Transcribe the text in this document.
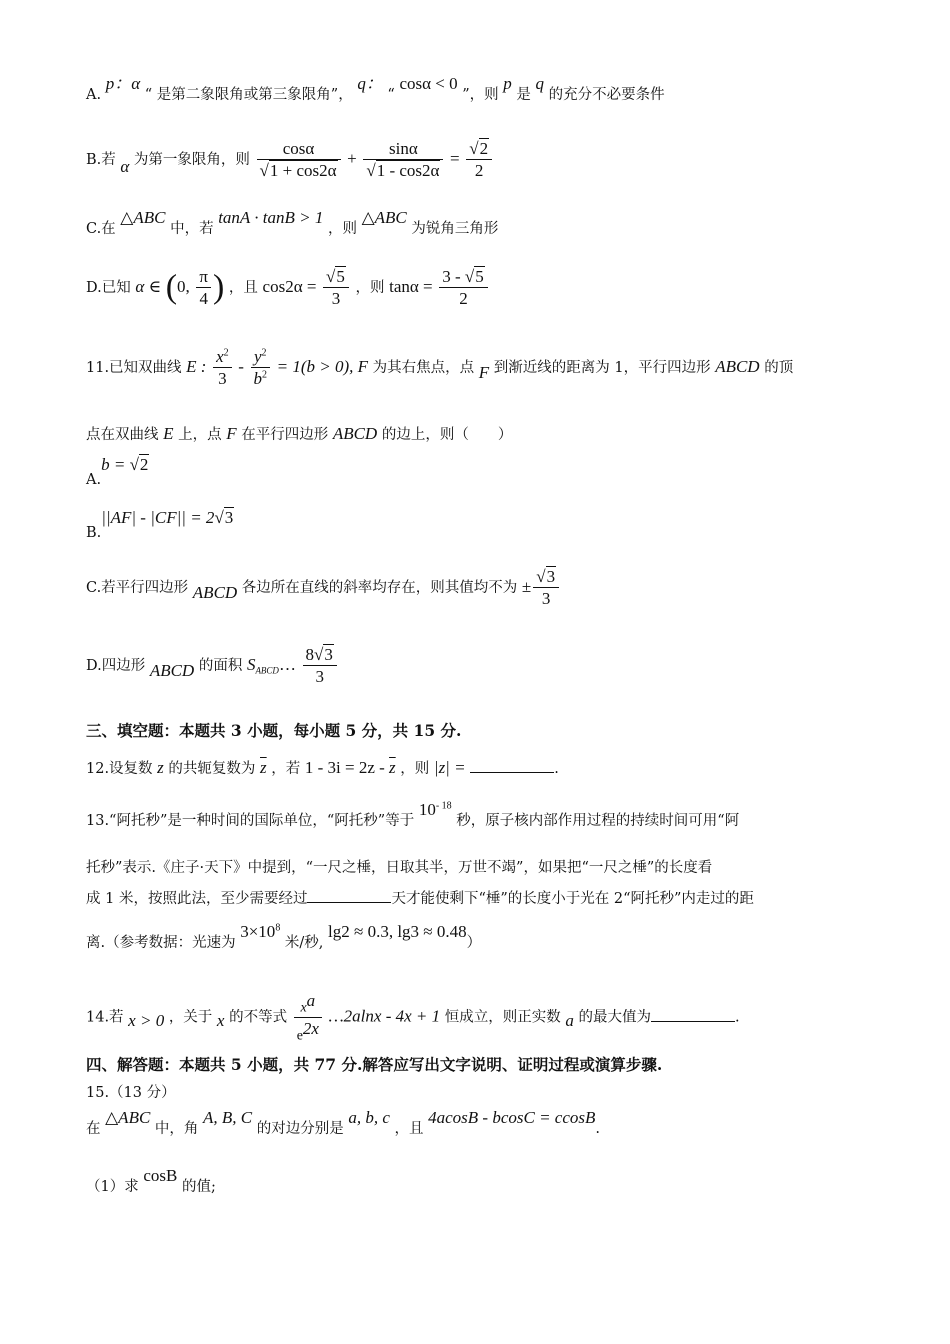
A. p：α “ 是第二象限角或第三象限角”， q： “ cosα < 0 ”，则 p 是 q 的充分不必要条件
B.若 α 为第一象限角，则 $\frac{\cos\alpha}{√1 + \cos 2\alpha} + \frac{\sin\alpha}{√1 - \cos 2\alpha} = \frac{√2}{2}$
C.在 △ABC 中，若 tanA · tanB > 1 ，则 △ABC 为锐角三角形
D.已知 α ∈ (0, $\frac{\pi}{4}$ ) ，且 $\cos 2\alpha = \frac{√5}{3}$ ，则 $\tan\alpha = \frac{3 - √5}{2}$
11.已知双曲线 E : $\frac{x^2}{3} - \frac{y^2}{b^2} = 1(b > 0)$, F 为其右焦点，点 F 到渐近线的距离为 1，平行四边形 ABCD 的顶
点在双曲线 E 上，点 F 在平行四边形 ABCD 的边上，则（　　）
A.b = √2
B.||AF| - |CF|| = 2√3
C.若平行四边形 ABCD 各边所在直线的斜率均存在，则其值均不为 ± $\frac{√3}{3}$
D.四边形 ABCD 的面积 $S_{ABCD}\dots \frac{8√3}{3}$
三、填空题：本题共 3 小题，每小题 5 分，共 15 分.
12.设复数 z 的共轭复数为 $\overline{z}$ ，若 $1 - 3i = 2z - \overline{z}$ ，则 |z| =	.
13.“阿托秒”是一种时间的国际单位，“阿托秒”等于 $10^{- 18}$ 秒，原子核内部作用过程的持续时间可用“阿
托秒”表示.《庄子·天下》中提到，“一尺之棰，日取其半，万世不竭”，如果把“一尺之棰”的长度看
成 1 米，按照此法，至少需要经过	天才能使剩下“棰”的长度小于光在 2“阿托秒”内走过的距
离.（参考数据：光速为 $3\times 10^8$ 米/秒, lg2 ≈ 0.3, lg3 ≈ 0.48）
14.若 x > 0 ，关于 x 的不等式 $\frac{x^a}{e^{2x}}$ …2alnx - 4x + 1 恒成立，则正实数 a 的最大值为	.
四、解答题：本题共 5 小题，共 77 分.解答应写出文字说明、证明过程或演算步骤.
15.（13 分）
在 △ABC 中，角 A, B, C 的对边分别是 a, b, c ，且 4acosB - bcosC = ccosB.
（1）求 cosB 的值;
